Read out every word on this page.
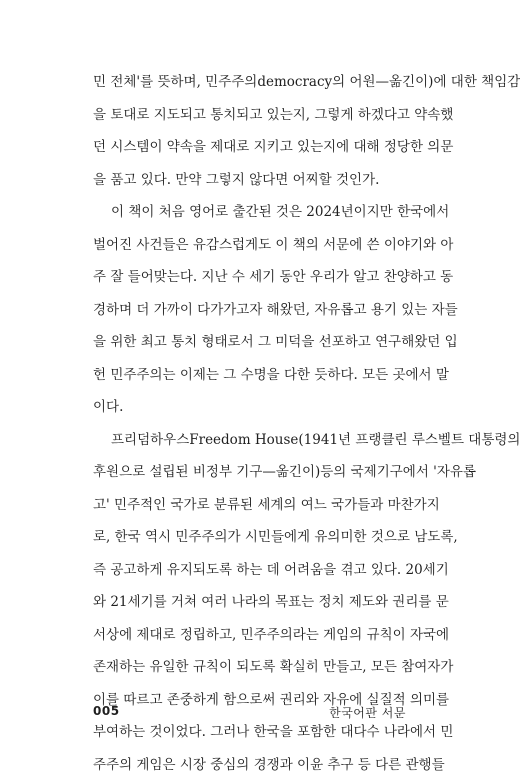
민 전체'를 뜻하며, 민주주의democracy의 어원—옮긴이)에 대한 책임감
을 토대로 지도되고 통치되고 있는지, 그렇게 하겠다고 약속했
던 시스템이 약속을 제대로 지키고 있는지에 대해 정당한 의문
을 품고 있다. 만약 그렇지 않다면 어찌할 것인가.
이 책이 처음 영어로 출간된 것은 2024년이지만 한국에서
벌어진 사건들은 유감스럽게도 이 책의 서문에 쓴 이야기와 아
주 잘 들어맞는다. 지난 수 세기 동안 우리가 알고 찬양하고 동
경하며 더 가까이 다가가고자 해왔던, 자유롭고 용기 있는 자들
을 위한 최고 통치 형태로서 그 미덕을 선포하고 연구해왔던 입
헌 민주주의는 이제는 그 수명을 다한 듯하다. 모든 곳에서 말
이다.
프리덤하우스Freedom House(1941년 프랭클린 루스벨트 대통령의
후원으로 설립된 비정부 기구—옮긴이)등의 국제기구에서 '자유롭
고' 민주적인 국가로 분류된 세계의 여느 국가들과 마찬가지
로, 한국 역시 민주주의가 시민들에게 유의미한 것으로 남도록,
즉 공고하게 유지되도록 하는 데 어려움을 겪고 있다. 20세기
와 21세기를 거쳐 여러 나라의 목표는 정치 제도와 권리를 문
서상에 제대로 정립하고, 민주주의라는 게임의 규칙이 자국에
존재하는 유일한 규칙이 되도록 확실히 만들고, 모든 참여자가
이를 따르고 존중하게 함으로써 권리와 자유에 실질적 의미를
부여하는 것이었다. 그러나 한국을 포함한 대다수 나라에서 민
주주의 게임은 시장 중심의 경쟁과 이윤 추구 등 다른 관행들
005	한국어판 서문
